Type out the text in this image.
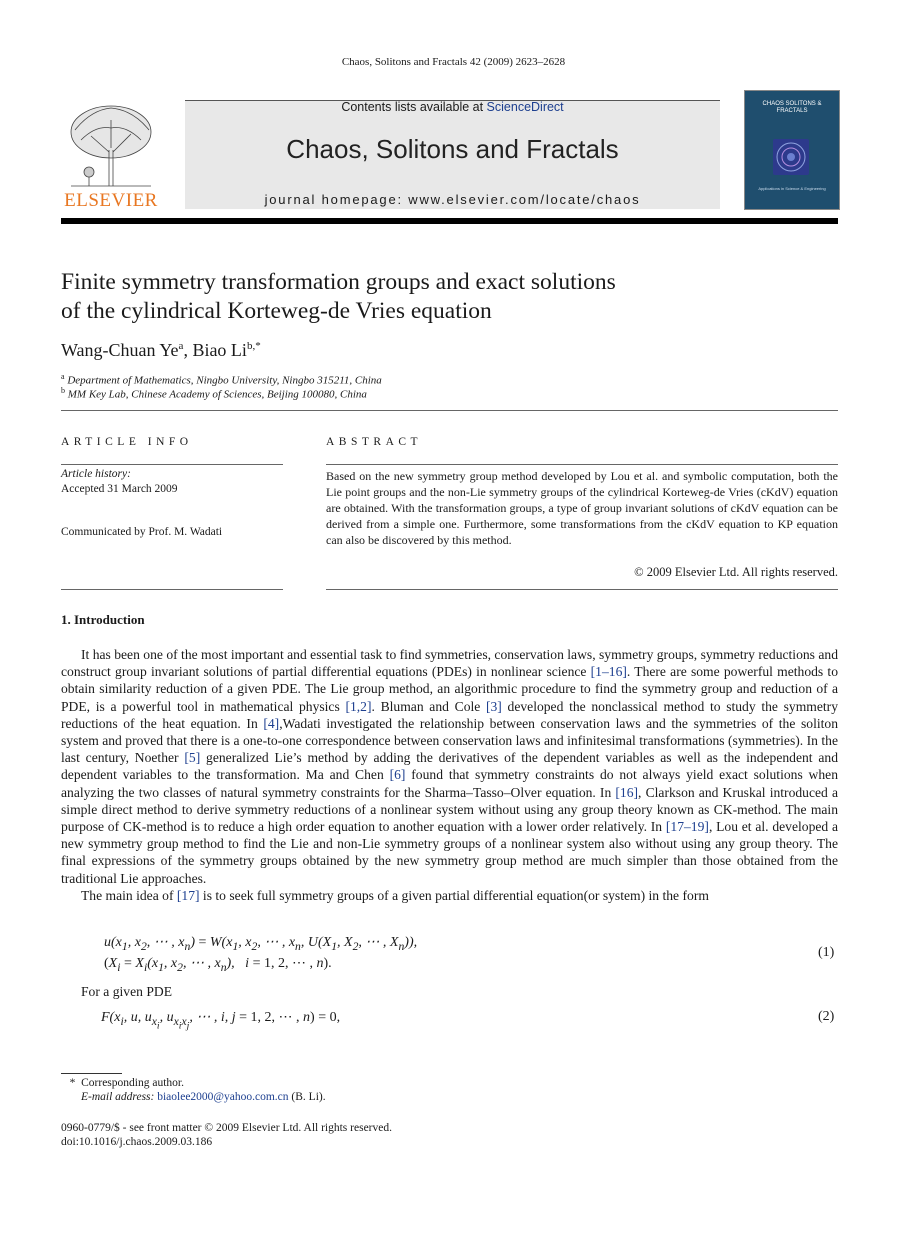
Chaos, Solitons and Fractals 42 (2009) 2623–2628
ELSEVIER
Contents lists available at ScienceDirect
Chaos, Solitons and Fractals
journal homepage: www.elsevier.com/locate/chaos
CHAOS SOLITONS & FRACTALS
Applications in Science & Engineering
Finite symmetry transformation groups and exact solutions
of the cylindrical Korteweg-de Vries equation
Wang-Chuan Ye$^a$, Biao $Li^{b,*}$
$^a$ Department of Mathematics, Ningbo University, Ningbo 315211, China
$^b$ MM Key Lab, Chinese Academy of Sciences, Beijing 100080, China
ARTICLE INFO
Article history:
Accepted 31 March 2009
Communicated by Prof. M. Wadati
ABSTRACT
Based on the new symmetry group method developed by Lou et al. and symbolic computation, both the Lie point groups and the non-Lie symmetry groups of the cylindrical Korteweg-de Vries (cKdV) equation are obtained. With the transformation groups, a type of group invariant solutions of cKdV equation can be derived from a simple one. Furthermore, some transformations from the cKdV equation to KP equation can also be discovered by this method.
© 2009 Elsevier Ltd. All rights reserved.
1. Introduction

It has been one of the most important and essential task to find symmetries, conservation laws, symmetry groups, symmetry reductions and construct group invariant solutions of partial differential equations (PDEs) in nonlinear science [1–16]. There are some powerful methods to obtain similarity reduction of a given PDE. The Lie group method, an algorithmic procedure to find the symmetry group and reduction of a PDE, is a powerful tool in mathematical physics [1,2]. Bluman and Cole [3] developed the nonclassical method to study the symmetry reductions of the heat equation. In [4],Wadati investigated the relationship between conservation laws and the symmetries of the soliton system and proved that there is a one-to-one correspondence between conservation laws and infinitesimal transformations (symmetries). In the last century, Noether [5] generalized Lie’s method by adding the derivatives of the dependent variables as well as the independent and dependent variables to the transformation. Ma and Chen [6] found that symmetry constraints do not always yield exact solutions when analyzing the two classes of natural symmetry constraints for the Sharma–Tasso–Olver equation. In [16], Clarkson and Kruskal introduced a simple direct method to derive symmetry reductions of a nonlinear system without using any group theory known as CK-method. The main purpose of CK-method is to reduce a high order equation to another equation with a lower order relatively. In [17–19], Lou et al. developed a new symmetry group method to find the Lie and non-Lie symmetry groups of a nonlinear system also without using any group theory. The final expressions of the symmetry groups obtained by the new symmetry group method are much simpler than those obtained from the traditional Lie approaches.

The main idea of [17] is to seek full symmetry groups of a given partial differential equation(or system) in the form

$u(x_1$, $x_2$, ⋯ , $x_n) = W(x_1$, $x_2$, ⋯ , $x_n$, $U(X_1$, $X_2$, ⋯ , $X_n$)),
($X_i = X_i(x_1$, $x_2$, ⋯ , $x_n$),   i = 1, 2, ⋯ , n).
(1)
For a given PDE
$F(x_i$, u, $u_{x_i}$, $u_{x_ix_j}$, ⋯ , i, j = 1, 2, ⋯ , n) = 0,	(2)
* Corresponding author.
E-mail address: biaolee2000@yahoo.com.cn (B. Li).
0960-0779/$ - see front matter © 2009 Elsevier Ltd. All rights reserved.
doi:10.1016/j.chaos.2009.03.186
